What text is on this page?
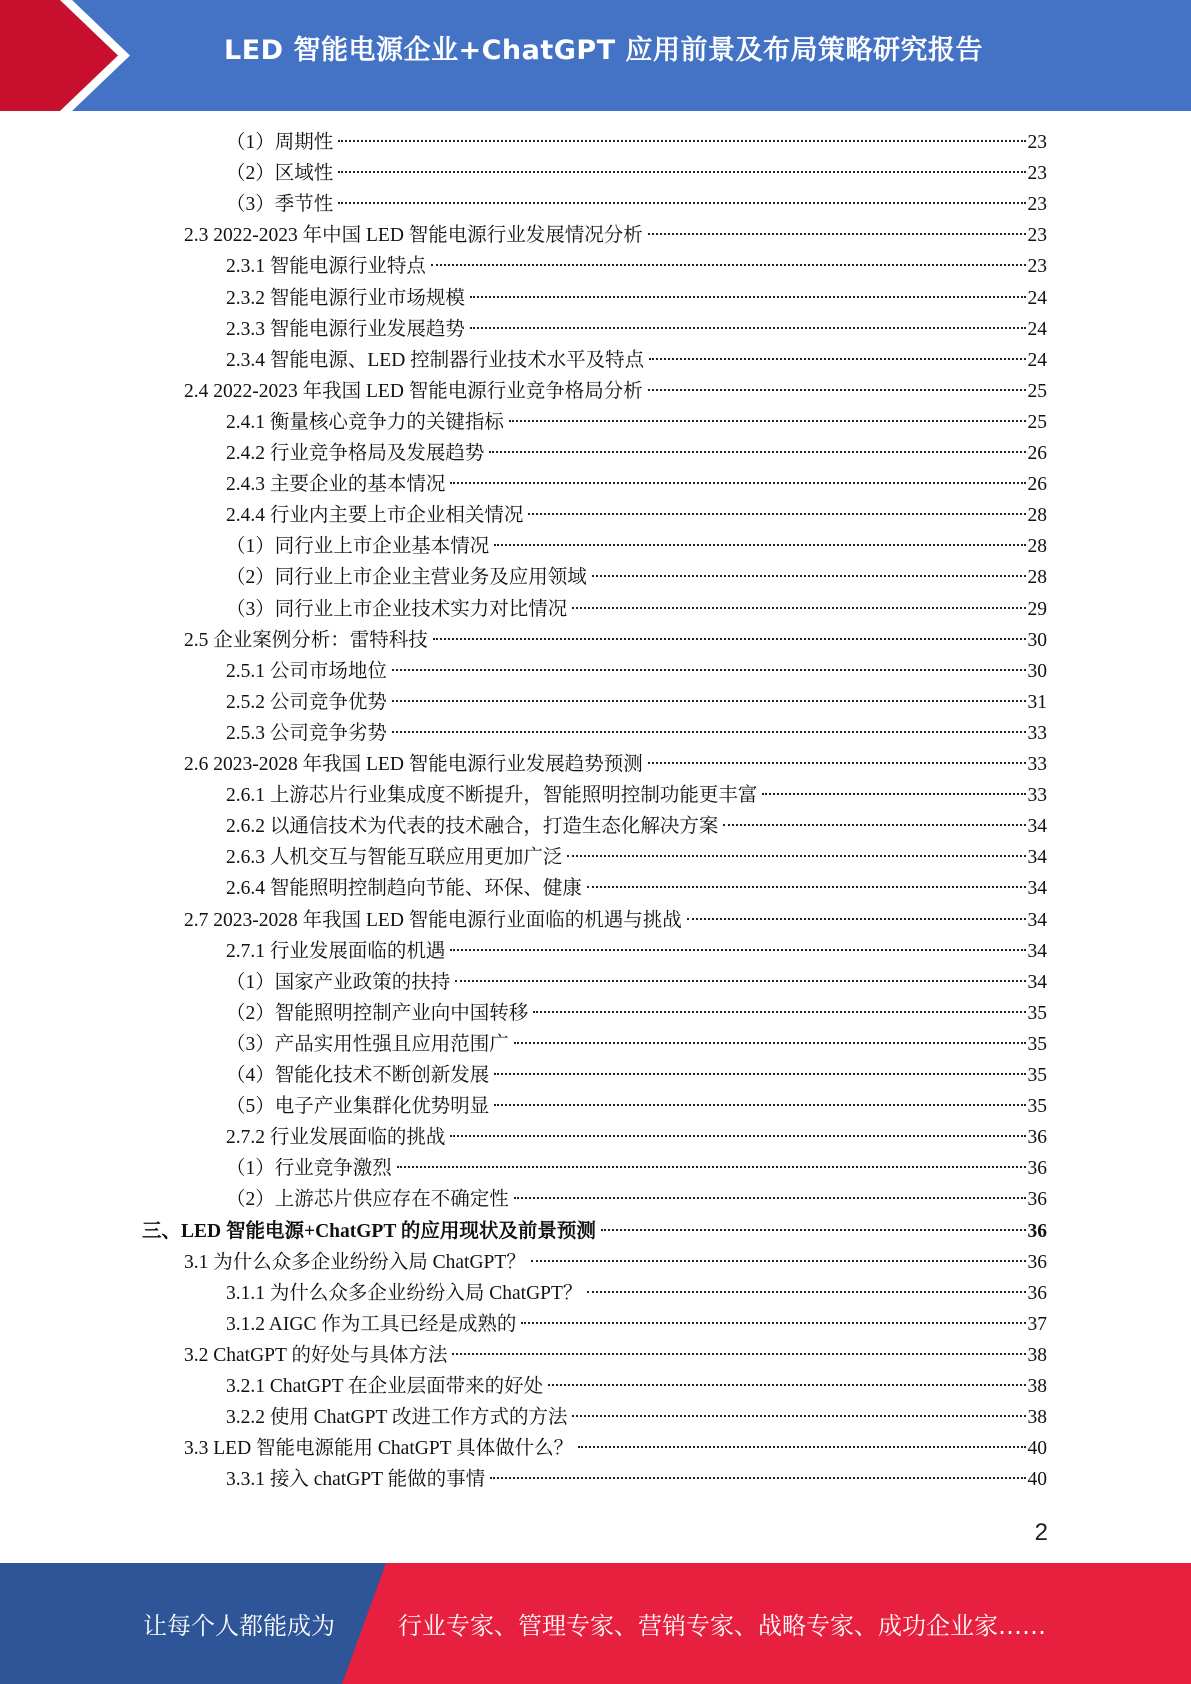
LED 智能电源企业+ChatGPT 应用前景及布局策略研究报告
（1）周期性	23
（2）区域性	23
（3）季节性	23
2.3 2022-2023 年中国 LED 智能电源行业发展情况分析	23
2.3.1 智能电源行业特点	23
2.3.2 智能电源行业市场规模	24
2.3.3 智能电源行业发展趋势	24
2.3.4 智能电源、LED 控制器行业技术水平及特点	24
2.4 2022-2023 年我国 LED 智能电源行业竞争格局分析	25
2.4.1 衡量核心竞争力的关键指标	25
2.4.2 行业竞争格局及发展趋势	26
2.4.3 主要企业的基本情况	26
2.4.4 行业内主要上市企业相关情况	28
（1）同行业上市企业基本情况	28
（2）同行业上市企业主营业务及应用领域	28
（3）同行业上市企业技术实力对比情况	29
2.5 企业案例分析：雷特科技	30
2.5.1 公司市场地位	30
2.5.2 公司竞争优势	31
2.5.3 公司竞争劣势	33
2.6 2023-2028 年我国 LED 智能电源行业发展趋势预测	33
2.6.1 上游芯片行业集成度不断提升，智能照明控制功能更丰富	33
2.6.2 以通信技术为代表的技术融合，打造生态化解决方案	34
2.6.3 人机交互与智能互联应用更加广泛	34
2.6.4 智能照明控制趋向节能、环保、健康	34
2.7 2023-2028 年我国 LED 智能电源行业面临的机遇与挑战	34
2.7.1 行业发展面临的机遇	34
（1）国家产业政策的扶持	34
（2）智能照明控制产业向中国转移	35
（3）产品实用性强且应用范围广	35
（4）智能化技术不断创新发展	35
（5）电子产业集群化优势明显	35
2.7.2 行业发展面临的挑战	36
（1）行业竞争激烈	36
（2）上游芯片供应存在不确定性	36
三、LED 智能电源+ChatGPT 的应用现状及前景预测	36
3.1 为什么众多企业纷纷入局 ChatGPT？	36
3.1.1 为什么众多企业纷纷入局 ChatGPT？	36
3.1.2 AIGC 作为工具已经是成熟的	37
3.2 ChatGPT 的好处与具体方法	38
3.2.1 ChatGPT 在企业层面带来的好处	38
3.2.2 使用 ChatGPT 改进工作方式的方法	38
3.3 LED 智能电源能用 ChatGPT 具体做什么？	40
3.3.1 接入 chatGPT 能做的事情	40
2
让每个人都能成为	行业专家、管理专家、营销专家、战略专家、成功企业家……
